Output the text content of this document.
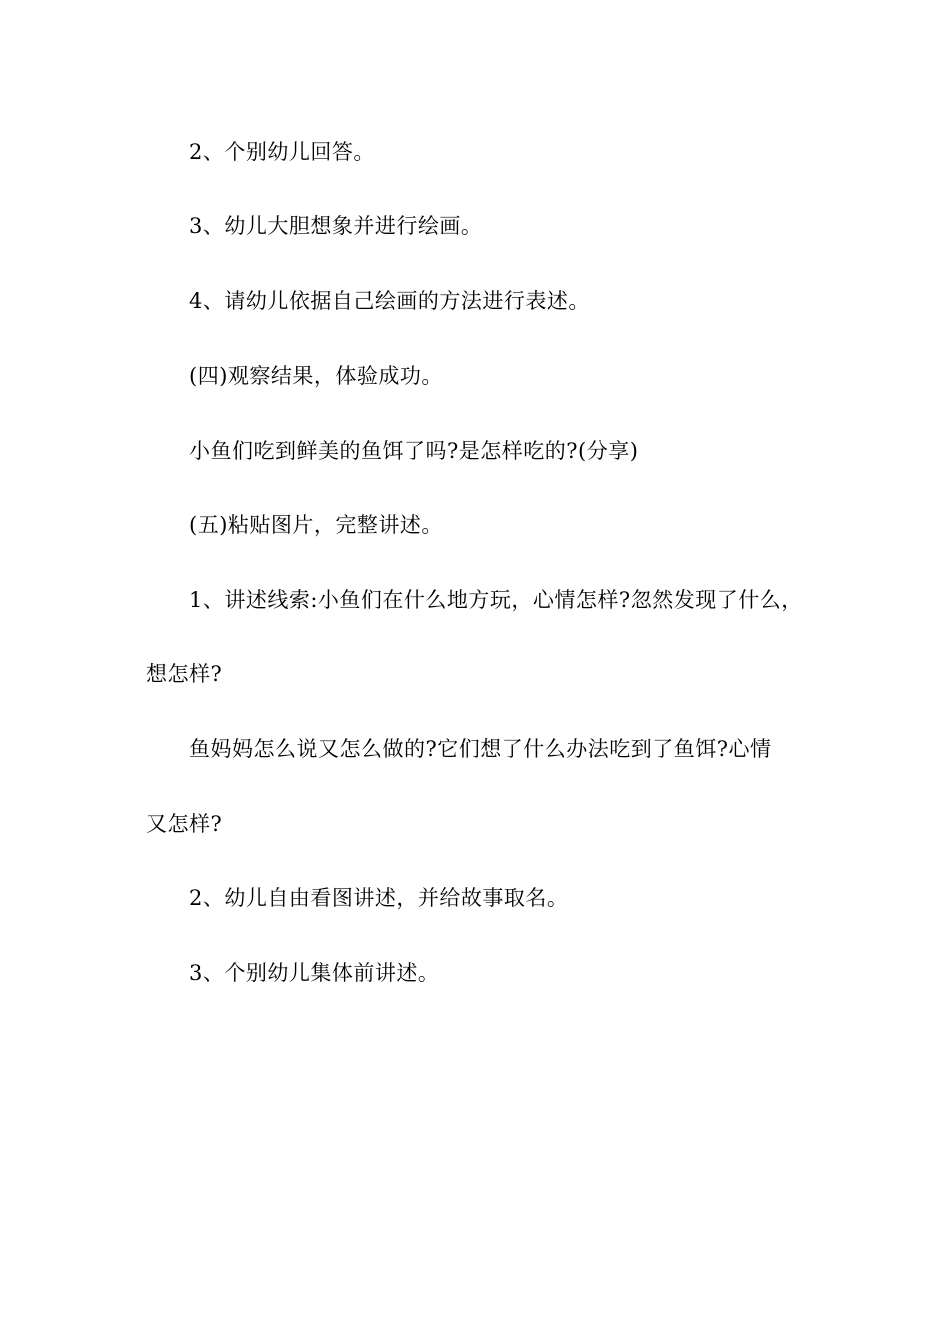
2、个别幼儿回答。
3、幼儿大胆想象并进行绘画。
4、请幼儿依据自己绘画的方法进行表述。
(四)观察结果，体验成功。
小鱼们吃到鲜美的鱼饵了吗?是怎样吃的?(分享)
(五)粘贴图片，完整讲述。
1、讲述线索:小鱼们在什么地方玩，心情怎样?忽然发现了什么，
想怎样?
鱼妈妈怎么说又怎么做的?它们想了什么办法吃到了鱼饵?心情
又怎样?
2、幼儿自由看图讲述，并给故事取名。
3、个别幼儿集体前讲述。
